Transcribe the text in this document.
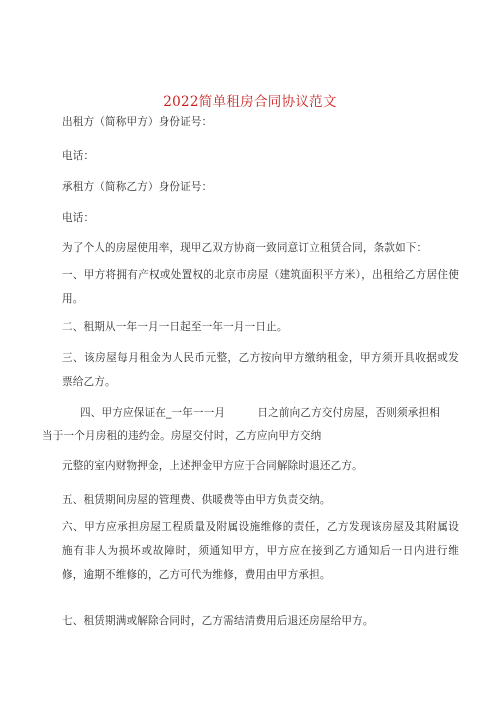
2022简单租房合同协议范文
出租方（简称甲方）身份证号：
电话：
承租方（简称乙方）身份证号：
电话：
为了个人的房屋使用率，现甲乙双方协商一致同意订立租赁合同，条款如下：
一、甲方将拥有产权或处置权的北京市房屋（建筑面积平方米），出租给乙方居住使用。
二、租期从一年一月一日起至一年一月一日止。
三、该房屋每月租金为人民币元整，乙方按向甲方缴纳租金，甲方须开具收据或发票给乙方。
四、甲方应保证在_一年一一月　　　日之前向乙方交付房屋，否则须承担相
当于一个月房租的违约金。房屋交付时，乙方应向甲方交纳
元整的室内财物押金，上述押金甲方应于合同解除时退还乙方。
五、租赁期间房屋的管理费、供暖费等由甲方负责交纳。
六、甲方应承担房屋工程质量及附属设施维修的责任，乙方发现该房屋及其附属设施有非人为损坏或故障时，须通知甲方，甲方应在接到乙方通知后一日内进行维修，逾期不维修的，乙方可代为维修，费用由甲方承担。
七、租赁期满或解除合同时，乙方需结清费用后退还房屋给甲方。
